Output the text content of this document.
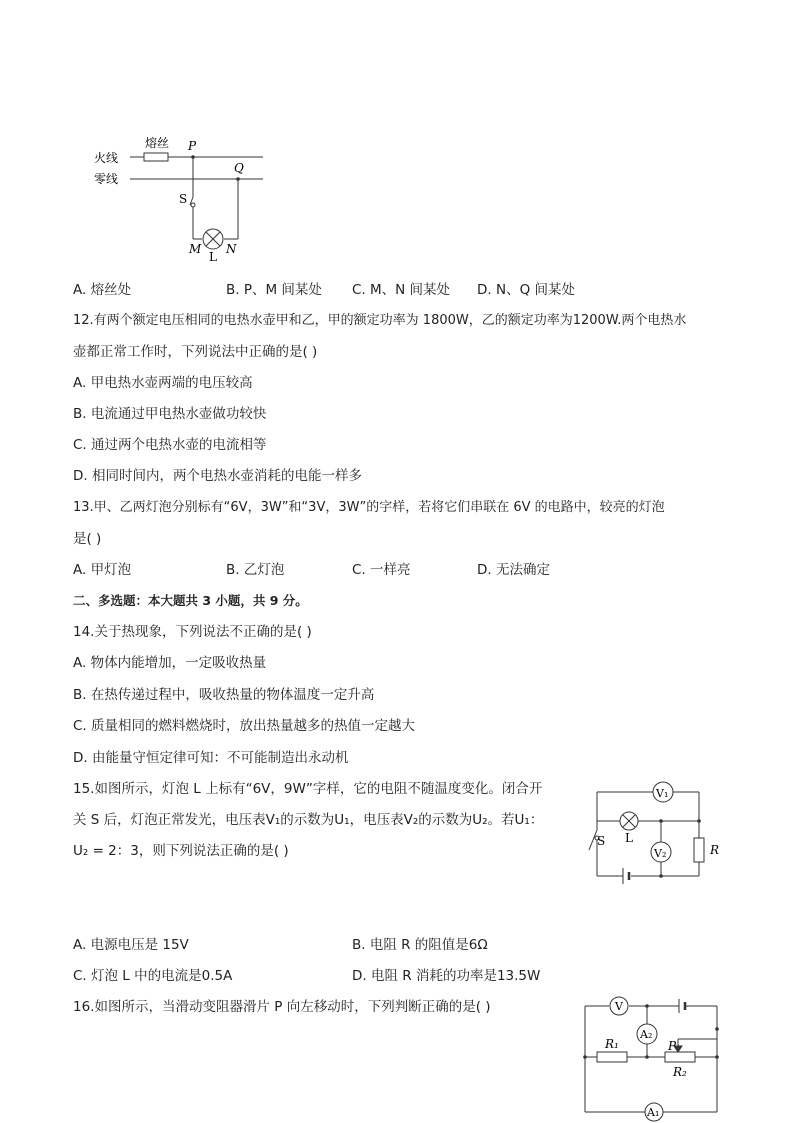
熔丝
火线
零线
P
Q
S
M N
L
A. 熔丝处	B. P、M 间某处 C. M、N 间某处 D. N、Q 间某处
12.有两个额定电压相同的电热水壶甲和乙，甲的额定功率为 1800W，乙的额定功率为1200W.两个电热水
壶都正常工作时，下列说法中正确的是( )
A. 甲电热水壶两端的电压较高
B. 电流通过甲电热水壶做功较快
C. 通过两个电热水壶的电流相等
D. 相同时间内，两个电热水壶消耗的电能一样多
13.甲、乙两灯泡分别标有“6V，3W”和“3V，3W”的字样，若将它们串联在 6V 的电路中，较亮的灯泡
是( )
A. 甲灯泡	B. 乙灯泡	C. 一样亮	D. 无法确定
二、多选题：本大题共 3 小题，共 9 分。
14.关于热现象，下列说法不正确的是( )
A. 物体内能增加，一定吸收热量
B. 在热传递过程中，吸收热量的物体温度一定升高
C. 质量相同的燃料燃烧时，放出热量越多的热值一定越大
D. 由能量守恒定律可知：不可能制造出永动机
15.如图所示，灯泡 L 上标有“6V，9W”字样，它的电阻不随温度变化。闭合开
关 S 后，灯泡正常发光，电压表V₁的示数为U₁，电压表V₂的示数为U₂。若U₁：
U₂ = 2：3，则下列说法正确的是( )
V₁
V₂
L
S
R
A. 电源电压是 15V	B. 电阻 R 的阻值是6Ω
C. 灯泡 L 中的电流是0.5A	D. 电阻 R 消耗的功率是13.5W
16.如图所示，当滑动变阻器滑片 P 向左移动时，下列判断正确的是( )	V
A₂
R₁	P
R₂
A₁
